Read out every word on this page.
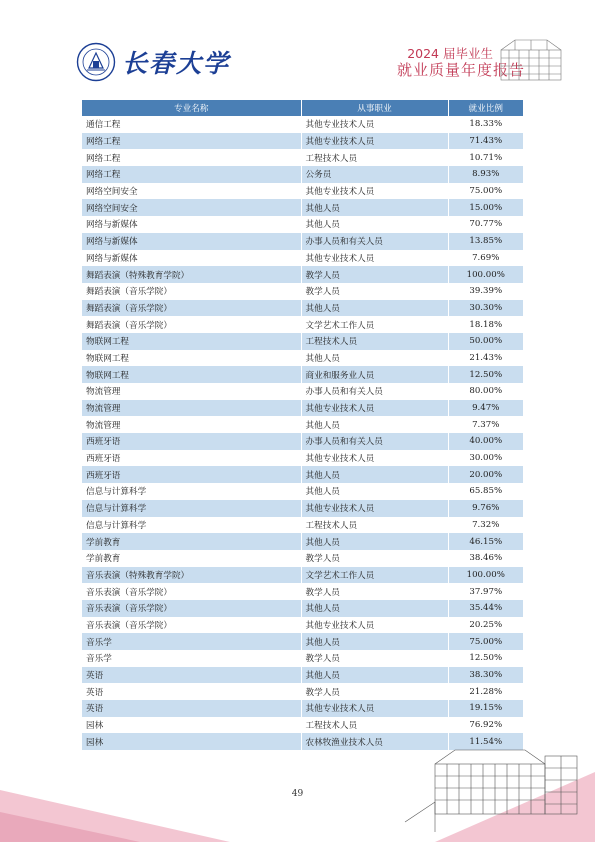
长春大学	2024 届毕业生
就业质量年度报告
专业名称	从事职业	就业比例
通信工程	其他专业技术人员	18.33%
网络工程	其他专业技术人员	71.43%
网络工程	工程技术人员	10.71%
网络工程	公务员	8.93%
网络空间安全	其他专业技术人员	75.00%
网络空间安全	其他人员	15.00%
网络与新媒体	其他人员	70.77%
网络与新媒体	办事人员和有关人员	13.85%
网络与新媒体	其他专业技术人员	7.69%
舞蹈表演（特殊教育学院）	教学人员	100.00%
舞蹈表演（音乐学院）	教学人员	39.39%
舞蹈表演（音乐学院）	其他人员	30.30%
舞蹈表演（音乐学院）	文学艺术工作人员	18.18%
物联网工程	工程技术人员	50.00%
物联网工程	其他人员	21.43%
物联网工程	商业和服务业人员	12.50%
物流管理	办事人员和有关人员	80.00%
物流管理	其他专业技术人员	9.47%
物流管理	其他人员	7.37%
西班牙语	办事人员和有关人员	40.00%
西班牙语	其他专业技术人员	30.00%
西班牙语	其他人员	20.00%
信息与计算科学	其他人员	65.85%
信息与计算科学	其他专业技术人员	9.76%
信息与计算科学	工程技术人员	7.32%
学前教育	其他人员	46.15%
学前教育	教学人员	38.46%
音乐表演（特殊教育学院）	文学艺术工作人员	100.00%
音乐表演（音乐学院）	教学人员	37.97%
音乐表演（音乐学院）	其他人员	35.44%
音乐表演（音乐学院）	其他专业技术人员	20.25%
音乐学	其他人员	75.00%
音乐学	教学人员	12.50%
英语	其他人员	38.30%
英语	教学人员	21.28%
英语	其他专业技术人员	19.15%
园林	工程技术人员	76.92%
园林	农林牧渔业技术人员	11.54%
49
